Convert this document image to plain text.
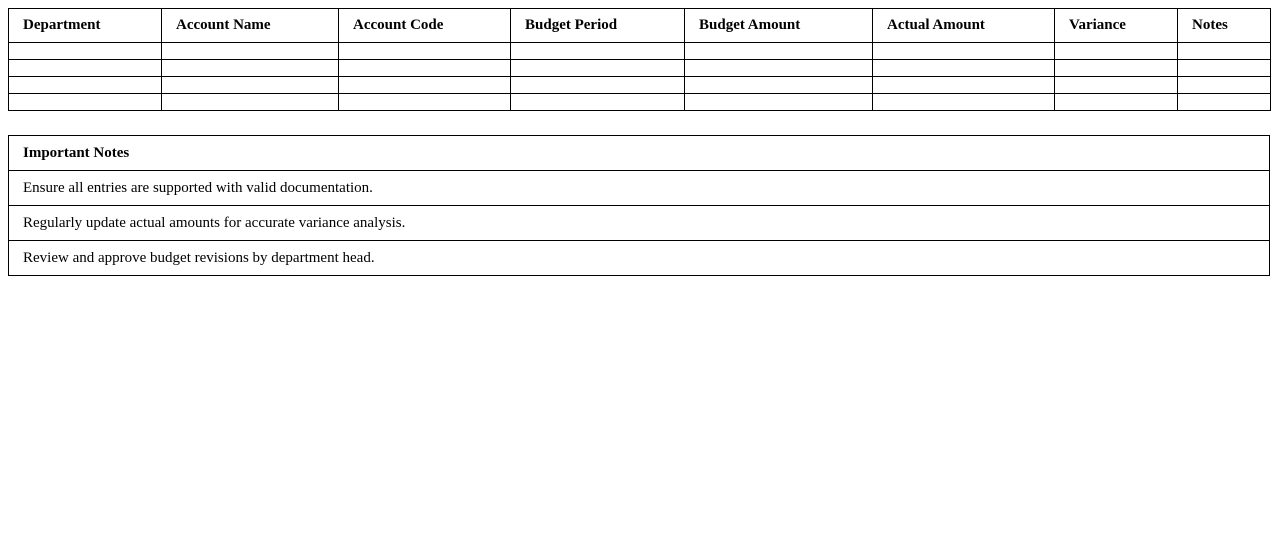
Department	Account Name	Account Code	Budget Period	Budget Amount	Actual Amount	Variance	Notes

Important Notes
Ensure all entries are supported with valid documentation.
Regularly update actual amounts for accurate variance analysis.
Review and approve budget revisions by department head.
